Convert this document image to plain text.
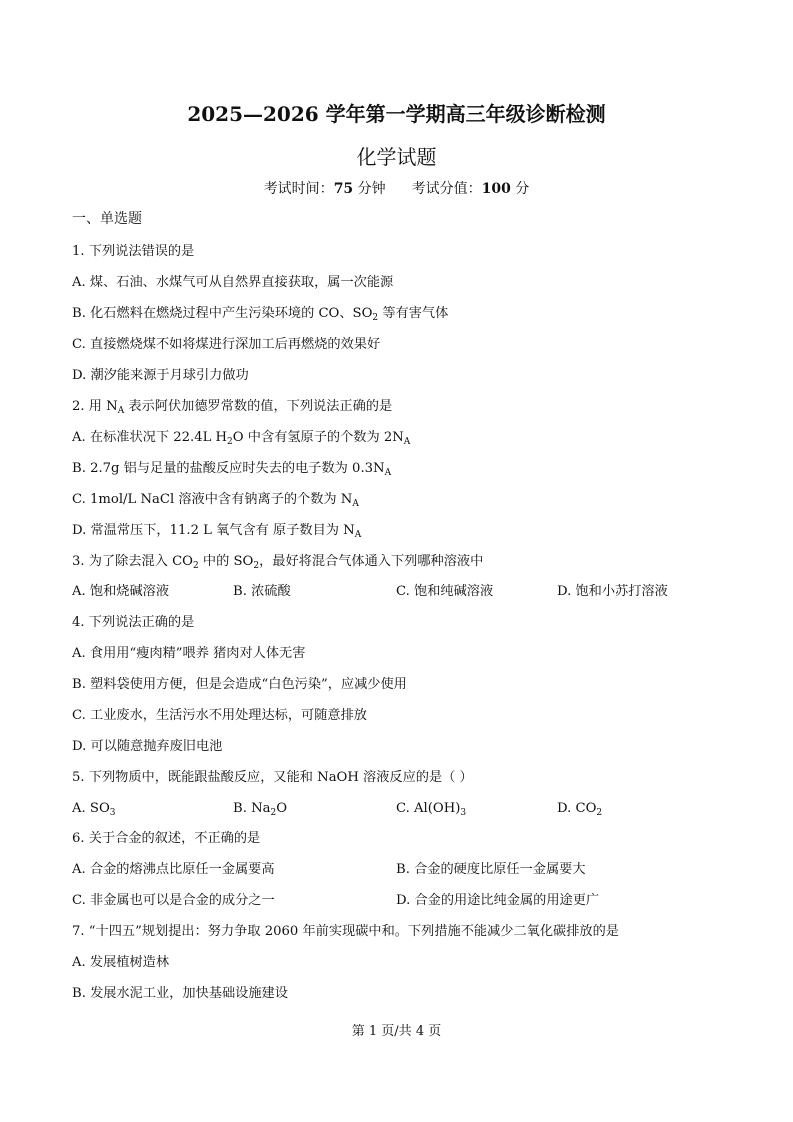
2025—2026 学年第一学期高三年级诊断检测
化学试题
考试时间：75 分钟 考试分值：100 分
一、单选题
1. 下列说法错误的是
A. 煤、石油、水煤气可从自然界直接获取，属一次能源
B. 化石燃料在燃烧过程中产生污染环境的 CO、$SO_2$ 等有害气体
C. 直接燃烧煤不如将煤进行深加工后再燃烧的效果好
D. 潮汐能来源于月球引力做功
2. 用 $N_A$ 表示阿伏加德罗常数的值，下列说法正确的是
A. 在标准状况下 22.4L $H_2O$ 中含有氢原子的个数为 $2N_A$
B. 2.7g 铝与足量的盐酸反应时失去的电子数为 $0.3N_A$
C. 1mol/L NaCl 溶液中含有钠离子的个数为 $N_A$
D. 常温常压下，11.2 L 氧气含有 原子数目为 $N_A$
3. 为了除去混入 $CO_2$ 中的 $SO_2$，最好将混合气体通入下列哪种溶液中
A. 饱和烧碱溶液	B. 浓硫酸	C. 饱和纯碱溶液	D. 饱和小苏打溶液
4. 下列说法正确的是
A. 食用用“瘦肉精”喂养 猪肉对人体无害
B. 塑料袋使用方便，但是会造成“白色污染”，应减少使用
C. 工业废水，生活污水不用处理达标，可随意排放
D. 可以随意抛弃废旧电池
5. 下列物质中，既能跟盐酸反应，又能和 NaOH 溶液反应的是（ ）
A. $SO_3$	B. $Na_2O$	C. $Al(OH)_3$	D. $CO_2$
6. 关于合金的叙述，不正确的是
A. 合金的熔沸点比原任一金属要高	B. 合金的硬度比原任一金属要大
C. 非金属也可以是合金的成分之一	D. 合金的用途比纯金属的用途更广
7. “十四五”规划提出：努力争取 2060 年前实现碳中和。下列措施不能减少二氧化碳排放的是
A. 发展植树造林
B. 发展水泥工业，加快基础设施建设
第 1 页/共 4 页
